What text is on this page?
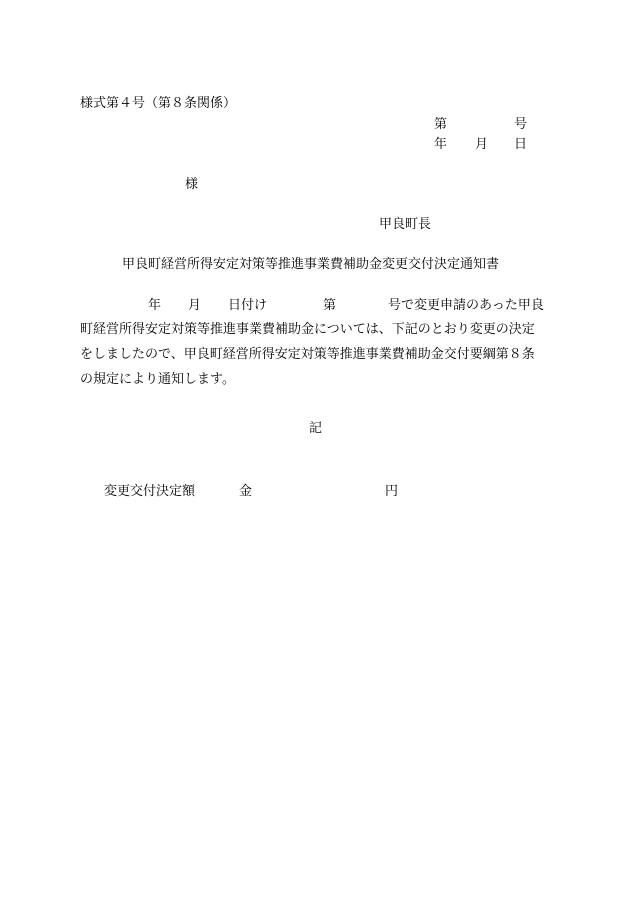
様式第４号（第８条関係）
第	号
年 月 日
様
甲良町長
甲良町経営所得安定対策等推進事業費補助金変更交付決定通知書
年 月 日付け	第	号で変更申請のあった甲良
町経営所得安定対策等推進事業費補助金については、下記のとおり変更の決定
をしましたので、甲良町経営所得安定対策等推進事業費補助金交付要綱第８条
の規定により通知します。
記
変更交付決定額	金	円
